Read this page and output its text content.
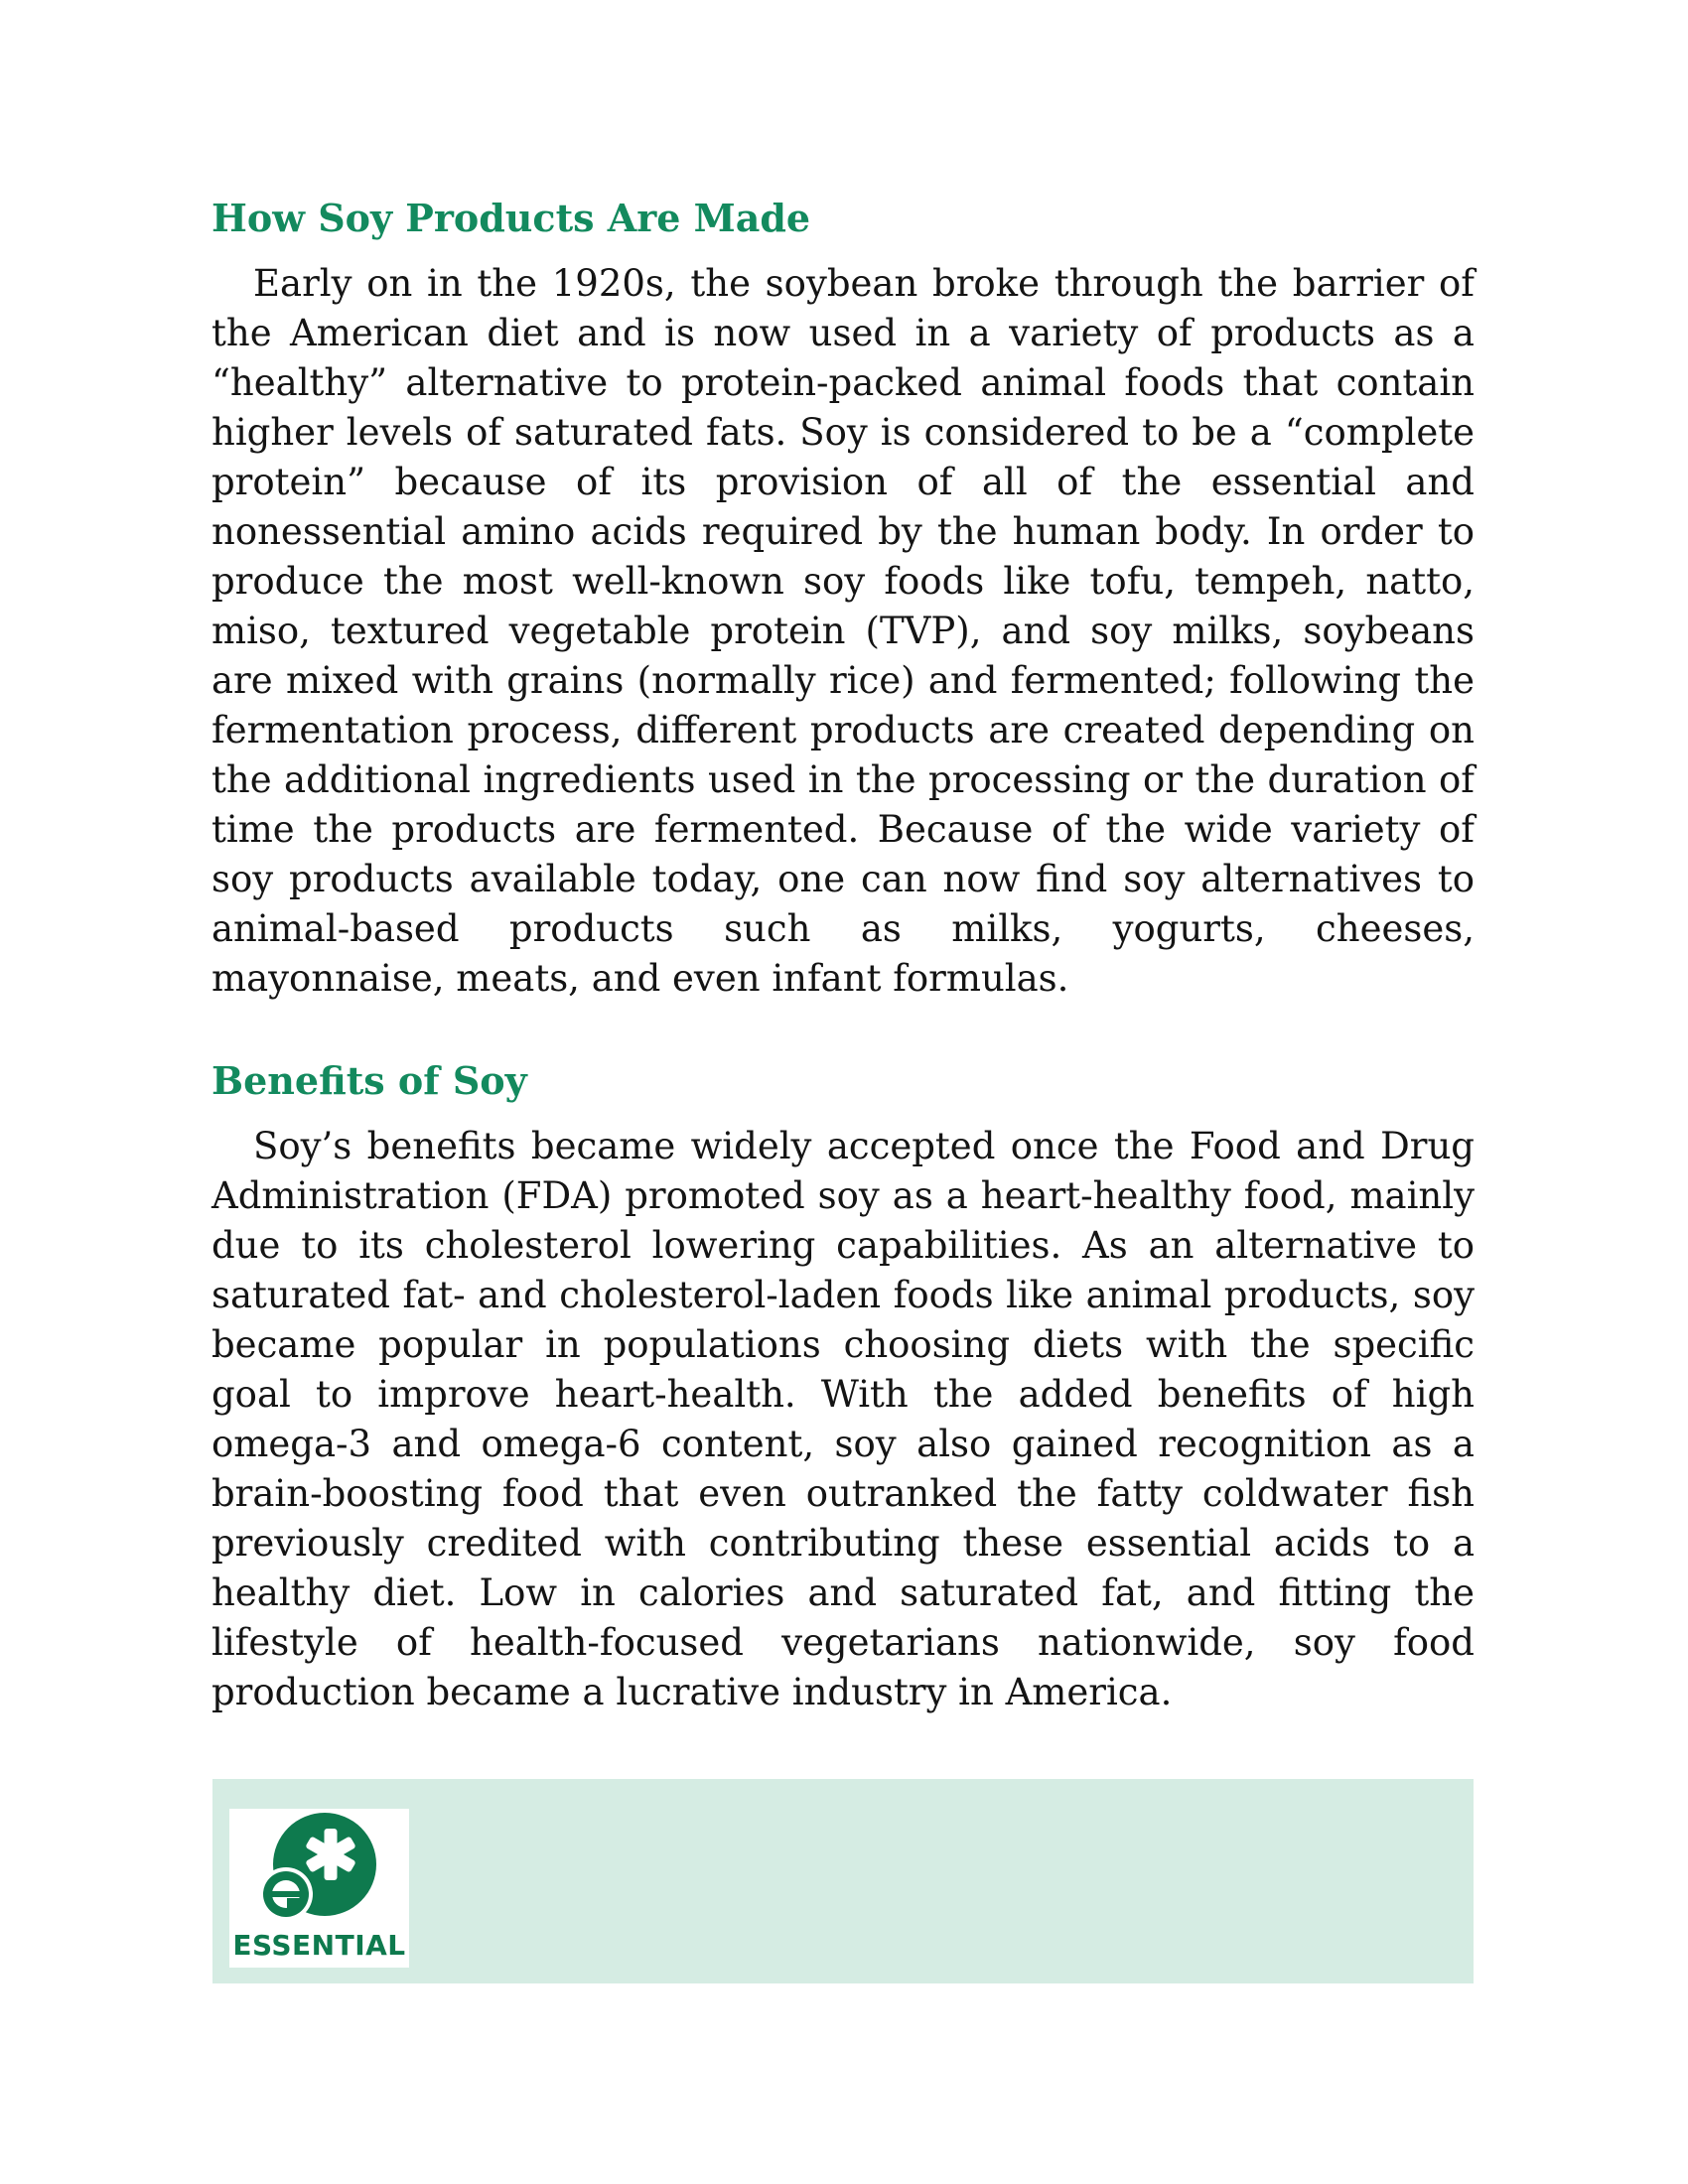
How Soy Products Are Made

Early on in the 1920s, the soybean broke through the barrier of the American diet and is now used in a variety of products as a “healthy” alternative to protein-packed animal foods that contain higher levels of saturated fats. Soy is considered to be a “complete protein” because of its provision of all of the essential and nonessential amino acids required by the human body. In order to produce the most well-known soy foods like tofu, tempeh, natto, miso, textured vegetable protein (TVP), and soy milks, soybeans are mixed with grains (normally rice) and fermented; following the fermentation process, different products are created depending on the additional ingredients used in the processing or the duration of time the products are fermented. Because of the wide variety of soy products available today, one can now find soy alternatives to animal-based products such as milks, yogurts, cheeses, mayonnaise, meats, and even infant formulas.

Benefits of Soy

Soy’s benefits became widely accepted once the Food and Drug Administration (FDA) promoted soy as a heart-healthy food, mainly due to its cholesterol lowering capabilities. As an alternative to saturated fat- and cholesterol-laden foods like animal products, soy became popular in populations choosing diets with the specific goal to improve heart-health. With the added benefits of high omega-3 and omega-6 content, soy also gained recognition as a brain-boosting food that even outranked the fatty coldwater fish previously credited with contributing these essential acids to a healthy diet. Low in calories and saturated fat, and fitting the lifestyle of health-focused vegetarians nationwide, soy food production became a lucrative industry in America.

ESSENTIAL
